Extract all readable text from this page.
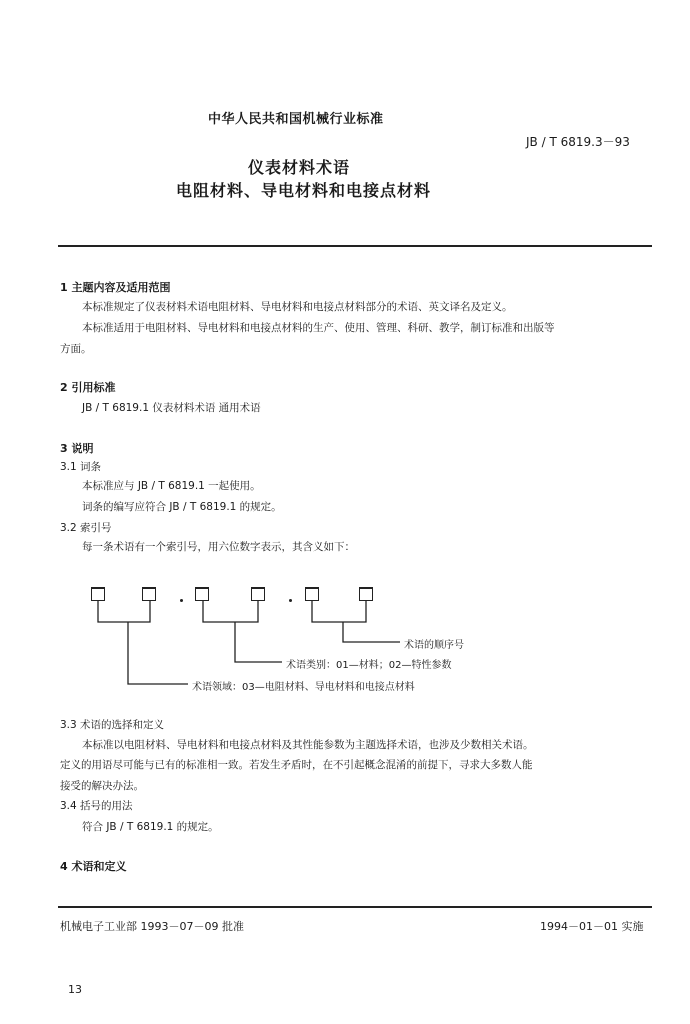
中华人民共和国机械行业标准
JB / T 6819.3－93
仪表材料术语
电阻材料、导电材料和电接点材料
1 主题内容及适用范围
本标准规定了仪表材料术语电阻材料、导电材料和电接点材料部分的术语、英文译名及定义。
本标准适用于电阻材料、导电材料和电接点材料的生产、使用、管理、科研、教学，制订标准和出版等
方面。
2 引用标准
JB / T 6819.1 仪表材料术语 通用术语
3 说明
3.1 词条
本标准应与 JB / T 6819.1 一起使用。
词条的编写应符合 JB / T 6819.1 的规定。
3.2 索引号
每一条术语有一个索引号，用六位数字表示，其含义如下：
术语的顺序号
术语类别：01—材料；02—特性参数
术语领域：03—电阻材料、导电材料和电接点材料
3.3 术语的选择和定义
本标准以电阻材料、导电材料和电接点材料及其性能参数为主题选择术语，也涉及少数相关术语。
定义的用语尽可能与已有的标准相一致。若发生矛盾时，在不引起概念混淆的前提下，寻求大多数人能
接受的解决办法。
3.4 括号的用法
符合 JB / T 6819.1 的规定。
4 术语和定义
机械电子工业部 1993－07－09 批准	1994－01－01 实施
13
